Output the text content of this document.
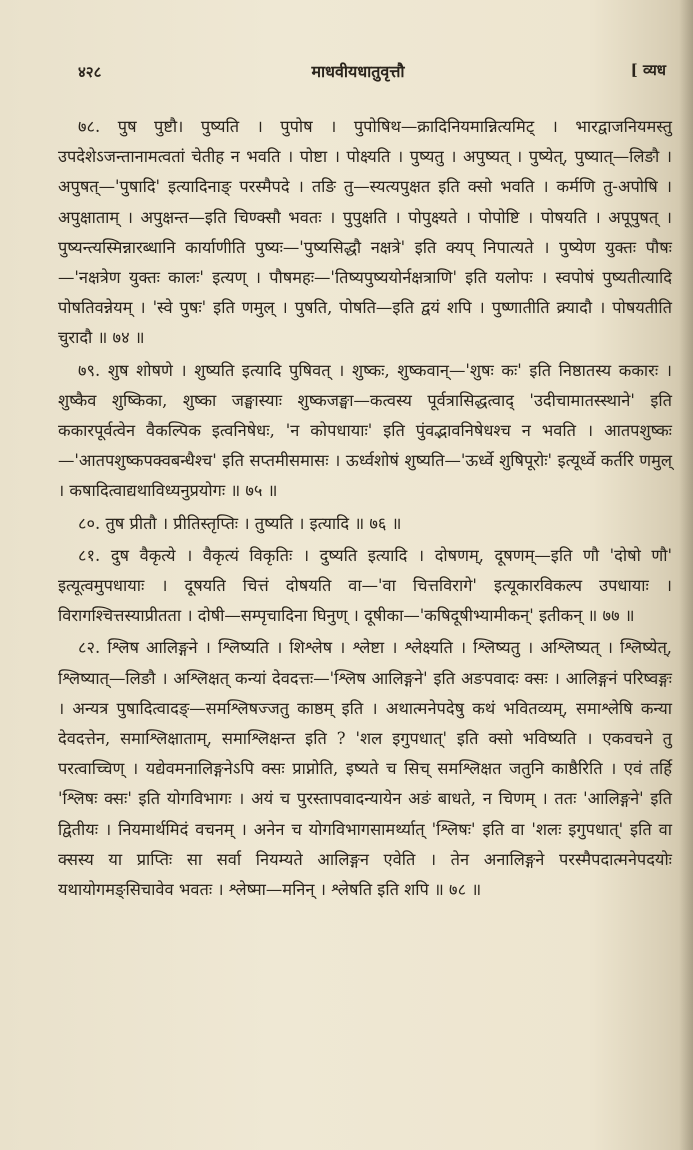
४२८	माधवीयधातुवृत्तौ	[ व्यध

७८. पुष पुष्टौ। पुष्यति । पुपोष । पुपोषिथ—क्रादिनियमान्नित्यमिट् । भारद्वाजनियमस्तु उपदेशेऽजन्तानामत्वतां चेतीह न भवति । पोष्टा । पोक्ष्यति । पुष्यतु । अपुष्यत् । पुष्येत्, पुष्यात्—लिङौ । अपुषत्—'पुषादि' इत्यादिनाङ् परस्मैपदे । तङि तु—स्यत्यपुक्षत इति क्सो भवति । कर्मणि तु-अपोषि । अपुक्षाताम् । अपुक्षन्त—इति चिण्क्सौ भवतः । पुपुक्षति । पोपुक्ष्यते । पोपोष्टि । पोषयति । अपूपुषत् । पुष्यन्त्यस्मिन्नारब्धानि कार्याणीति पुष्यः—'पुष्यसिद्धौ नक्षत्रे' इति क्यप् निपात्यते । पुष्येण युक्तः पौषः—'नक्षत्रेण युक्तः कालः' इत्यण् । पौषमहः—'तिष्यपुष्ययोर्नक्षत्राणि' इति यलोपः । स्वपोषं पुष्यतीत्यादि पोषतिवन्नेयम् । 'स्वे पुषः' इति णमुल् । पुषति, पोषति—इति द्वयं शपि । पुष्णातीति क्र्यादौ । पोषयतीति चुरादौ ॥ ७४ ॥

७९. शुष शोषणे । शुष्यति इत्यादि पुषिवत् । शुष्कः, शुष्कवान्—'शुषः कः' इति निष्ठातस्य ककारः । शुष्कैव शुष्किका, शुष्का जङ्घास्याः शुष्कजङ्घा—कत्वस्य पूर्वत्रासिद्धत्वाद् 'उदीचामातस्स्थाने' इति ककारपूर्वत्वेन वैकल्पिक इत्वनिषेधः, 'न कोपधायाः' इति पुंवद्भावनिषेधश्च न भवति । आतपशुष्कः—'आतपशुष्कपक्वबन्धैश्च' इति सप्तमीसमासः । ऊर्ध्वशोषं शुष्यति—'ऊर्ध्वे शुषिपूरोः' इत्यूर्ध्वे कर्तरि णमुल् । कषादित्वाद्यथाविध्यनुप्रयोगः ॥ ७५ ॥

८०. तुष प्रीतौ । प्रीतिस्तृप्तिः । तुष्यति । इत्यादि ॥ ७६ ॥

८१. दुष वैकृत्ये । वैकृत्यं विकृतिः । दुष्यति इत्यादि । दोषणम्, दूषणम्—इति णौ 'दोषो णौ' इत्यूत्वमुपधायाः । दूषयति चित्तं दोषयति वा—'वा चित्तविरागे' इत्यूकारविकल्प उपधायाः । विरागश्चित्तस्याप्रीतता । दोषी—सम्पृचादिना घिनुण् । दूषीका—'कषिदूषीभ्यामीकन्' इतीकन् ॥ ७७ ॥

८२. श्लिष आलिङ्गने । श्लिष्यति । शिश्लेष । श्लेष्टा । श्लेक्ष्यति । श्लिष्यतु । अश्लिष्यत् । श्लिष्येत्, श्लिष्यात्—लिङौ । अश्लिक्षत् कन्यां देवदत्तः—'श्लिष आलिङ्गने' इति अङपवादः क्सः । आलिङ्गनं परिष्वङ्गः । अन्यत्र पुषादित्वादङ्—समश्लिषज्जतु काष्ठम् इति । अथात्मनेपदेषु कथं भवितव्यम्, समाश्लेषि कन्या देवदत्तेन, समाश्लिक्षाताम्, समाश्लिक्षन्त इति ? 'शल इगुपधात्' इति क्सो भविष्यति । एकवचने तु परत्वाच्चिण् । यद्येवमनालिङ्गनेऽपि क्सः प्राप्नोति, इष्यते च सिच् समश्लिक्षत जतुनि काष्ठैरिति । एवं तर्हि 'श्लिषः क्सः' इति योगविभागः । अयं च पुरस्तापवादन्यायेन अङं बाधते, न चिणम् । ततः 'आलिङ्गने' इति द्वितीयः । नियमार्थमिदं वचनम् । अनेन च योगविभागसामर्थ्यात् 'श्लिषः' इति वा 'शलः इगुपधात्' इति वा क्सस्य या प्राप्तिः सा सर्वा नियम्यते आलिङ्गन एवेति । तेन अनालिङ्गने परस्मैपदात्मनेपदयोः यथायोगमङ्सिचावेव भवतः । श्लेष्मा—मनिन् । श्लेषति इति शपि ॥ ७८ ॥
